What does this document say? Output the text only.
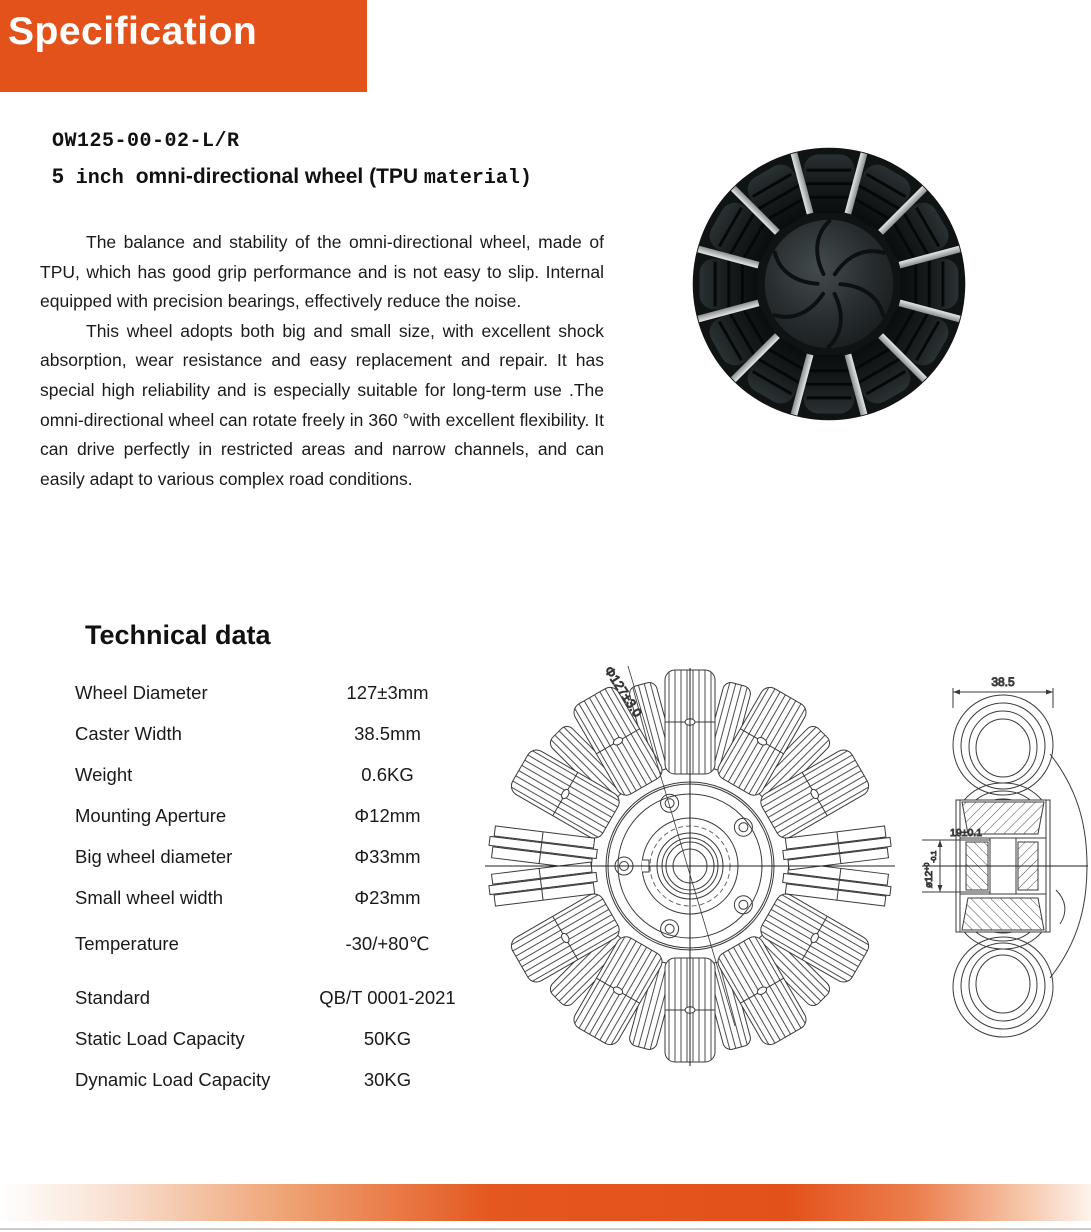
Specification
OW125-00-02-L/R
5 inch omni-directional wheel (TPU material)

The balance and stability of the omni-directional wheel, made of TPU, which has good grip performance and is not easy to slip. Internal equipped with precision bearings, effectively reduce the noise.

This wheel adopts both big and small size, with excellent shock absorption, wear resistance and easy replacement and repair. It has special high reliability and is especially suitable for long-term use .The omni-directional wheel can rotate freely in 360 °with excellent flexibility. It can drive perfectly in restricted areas and narrow channels, and can easily adapt to various complex road conditions.

Technical data
Wheel Diameter	127±3mm
Caster Width	38.5mm
Weight	0.6KG
Mounting Aperture	Φ12mm
Big wheel diameter	Φ33mm
Small wheel width	Φ23mm
Temperature	-30/+80℃
Standard	QB/T 0001-2021
Static Load Capacity	50KG
Dynamic Load Capacity	30KG
Φ127±3.0	38.5
19±0.1
$ø12^{+0}_{-0.1}$
